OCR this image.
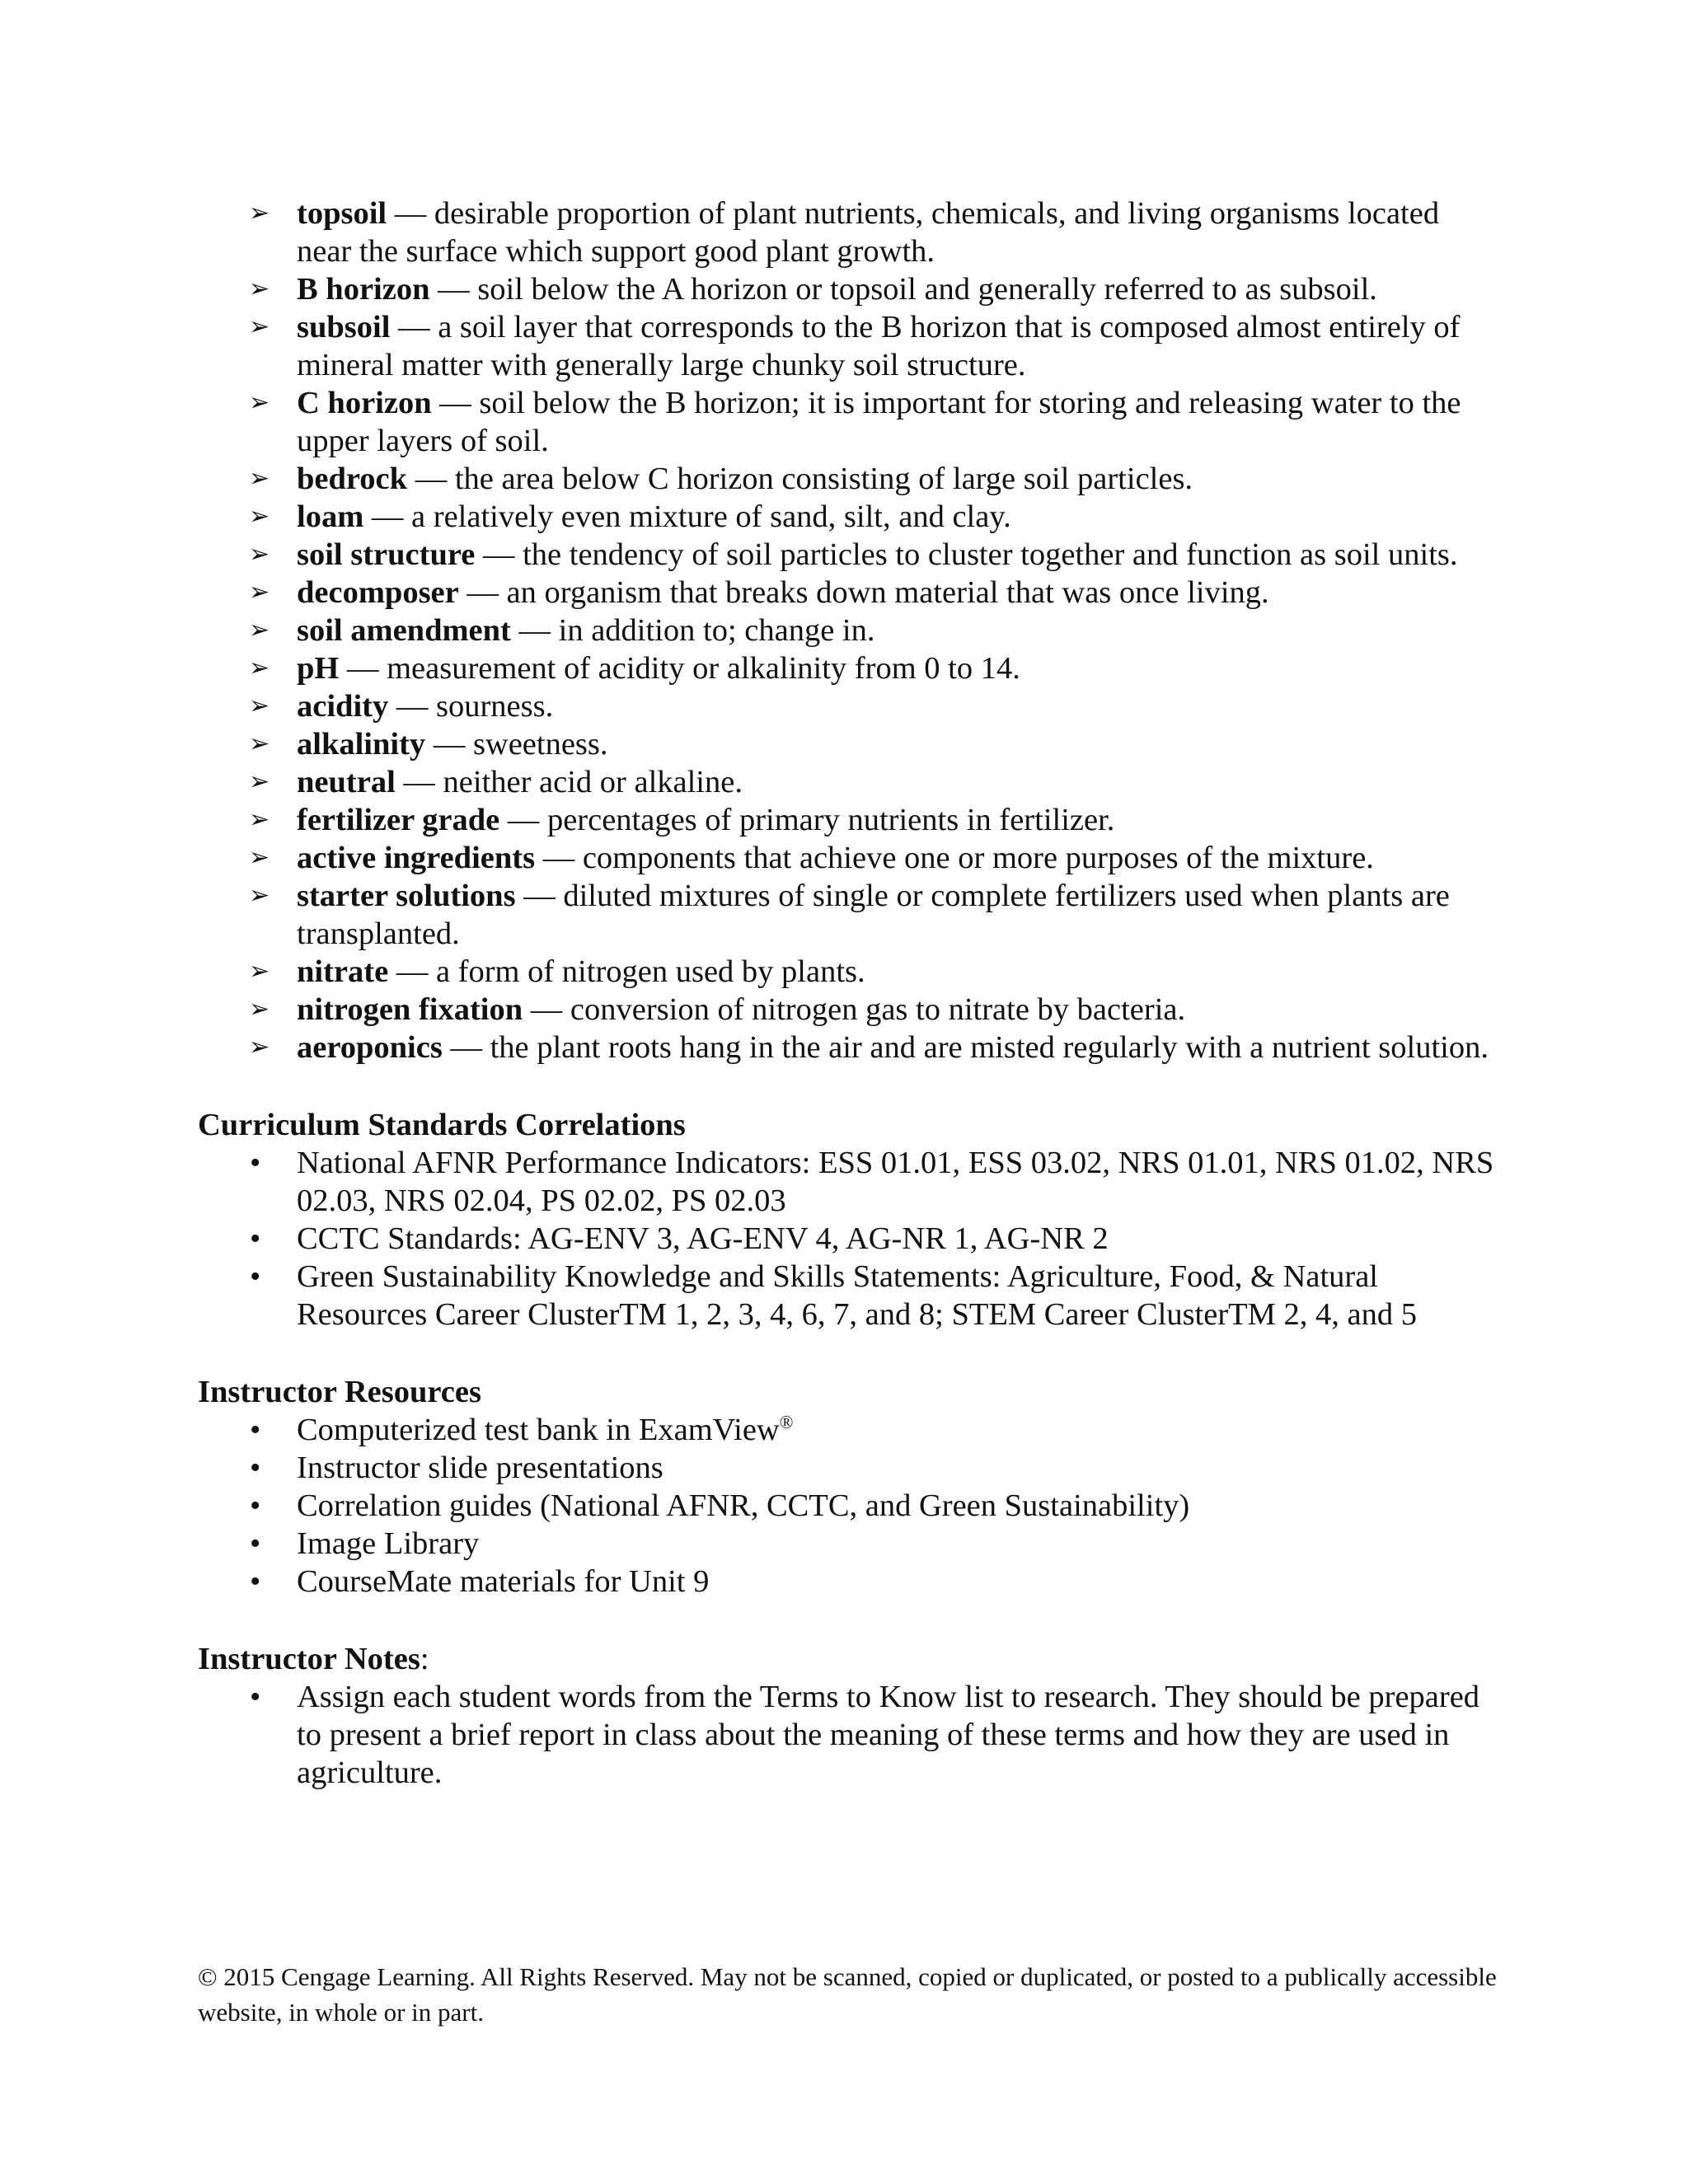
➢ topsoil — desirable proportion of plant nutrients, chemicals, and living organisms located near the surface which support good plant growth.
➢ B horizon — soil below the A horizon or topsoil and generally referred to as subsoil.
➢ subsoil — a soil layer that corresponds to the B horizon that is composed almost entirely of mineral matter with generally large chunky soil structure.
➢ C horizon — soil below the B horizon; it is important for storing and releasing water to the upper layers of soil.
➢ bedrock — the area below C horizon consisting of large soil particles.
➢ loam — a relatively even mixture of sand, silt, and clay.
➢ soil structure — the tendency of soil particles to cluster together and function as soil units.
➢ decomposer — an organism that breaks down material that was once living.
➢ soil amendment — in addition to; change in.
➢ pH — measurement of acidity or alkalinity from 0 to 14.
➢ acidity — sourness.
➢ alkalinity — sweetness.
➢ neutral — neither acid or alkaline.
➢ fertilizer grade — percentages of primary nutrients in fertilizer.
➢ active ingredients — components that achieve one or more purposes of the mixture.
➢ starter solutions — diluted mixtures of single or complete fertilizers used when plants are transplanted.
➢ nitrate — a form of nitrogen used by plants.
➢ nitrogen fixation — conversion of nitrogen gas to nitrate by bacteria.
➢ aeroponics — the plant roots hang in the air and are misted regularly with a nutrient solution.

Curriculum Standards Correlations

• National AFNR Performance Indicators: ESS 01.01, ESS 03.02, NRS 01.01, NRS 01.02, NRS 02.03, NRS 02.04, PS 02.02, PS 02.03
• CCTC Standards: AG-ENV 3, AG-ENV 4, AG-NR 1, AG-NR 2
• Green Sustainability Knowledge and Skills Statements: Agriculture, Food, & Natural Resources Career ClusterTM 1, 2, 3, 4, 6, 7, and 8; STEM Career ClusterTM 2, 4, and 5

Instructor Resources

• Computerized test bank in ExamView®
• Instructor slide presentations
• Correlation guides (National AFNR, CCTC, and Green Sustainability)
• Image Library
• CourseMate materials for Unit 9

Instructor Notes:

• Assign each student words from the Terms to Know list to research. They should be prepared to present a brief report in class about the meaning of these terms and how they are used in agriculture.
© 2015 Cengage Learning. All Rights Reserved. May not be scanned, copied or duplicated, or posted to a publically accessible website, in whole or in part.
